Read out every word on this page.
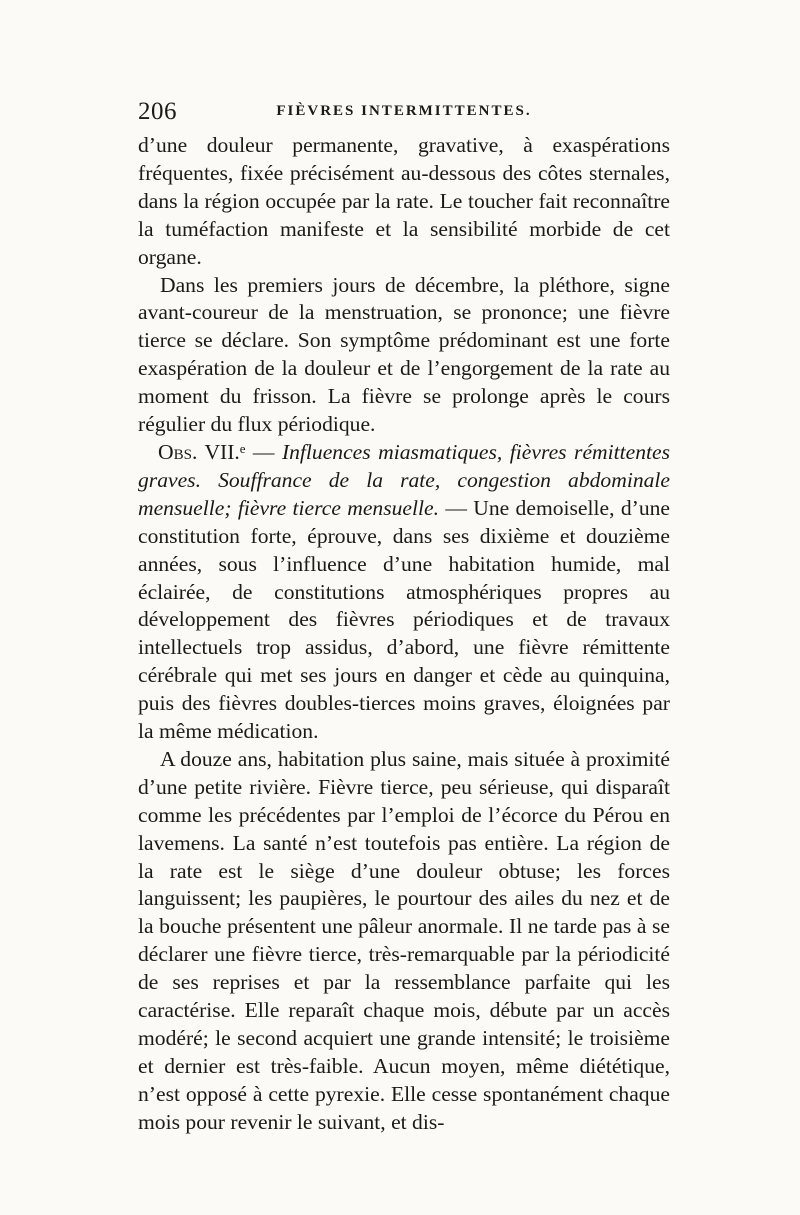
206	FIÈVRES INTERMITTENTES.

d’une douleur permanente, gravative, à exaspérations fréquentes, fixée précisément au-dessous des côtes sternales, dans la région occupée par la rate. Le toucher fait reconnaître la tuméfaction manifeste et la sensibilité morbide de cet organe.

Dans les premiers jours de décembre, la pléthore, signe avant-coureur de la menstruation, se prononce; une fièvre tierce se déclare. Son symptôme prédominant est une forte exaspération de la douleur et de l’engorgement de la rate au moment du frisson. La fièvre se prolonge après le cours régulier du flux périodique.

Obs. VII.ᵉ — Influences miasmatiques, fièvres rémittentes graves. Souffrance de la rate, congestion abdominale mensuelle; fièvre tierce mensuelle. — Une demoiselle, d’une constitution forte, éprouve, dans ses dixième et douzième années, sous l’influence d’une habitation humide, mal éclairée, de constitutions atmosphériques propres au développement des fièvres périodiques et de travaux intellectuels trop assidus, d’abord, une fièvre rémittente cérébrale qui met ses jours en danger et cède au quinquina, puis des fièvres doubles-tierces moins graves, éloignées par la même médication.

A douze ans, habitation plus saine, mais située à proximité d’une petite rivière. Fièvre tierce, peu sérieuse, qui disparaît comme les précédentes par l’emploi de l’écorce du Pérou en lavemens. La santé n’est toutefois pas entière. La région de la rate est le siège d’une douleur obtuse; les forces languissent; les paupières, le pourtour des ailes du nez et de la bouche présentent une pâleur anormale. Il ne tarde pas à se déclarer une fièvre tierce, très-remarquable par la périodicité de ses reprises et par la ressemblance parfaite qui les caractérise. Elle reparaît chaque mois, débute par un accès modéré; le second acquiert une grande intensité; le troisième et dernier est très-faible. Aucun moyen, même diététique, n’est opposé à cette pyrexie. Elle cesse spontanément chaque mois pour revenir le suivant, et dis-
